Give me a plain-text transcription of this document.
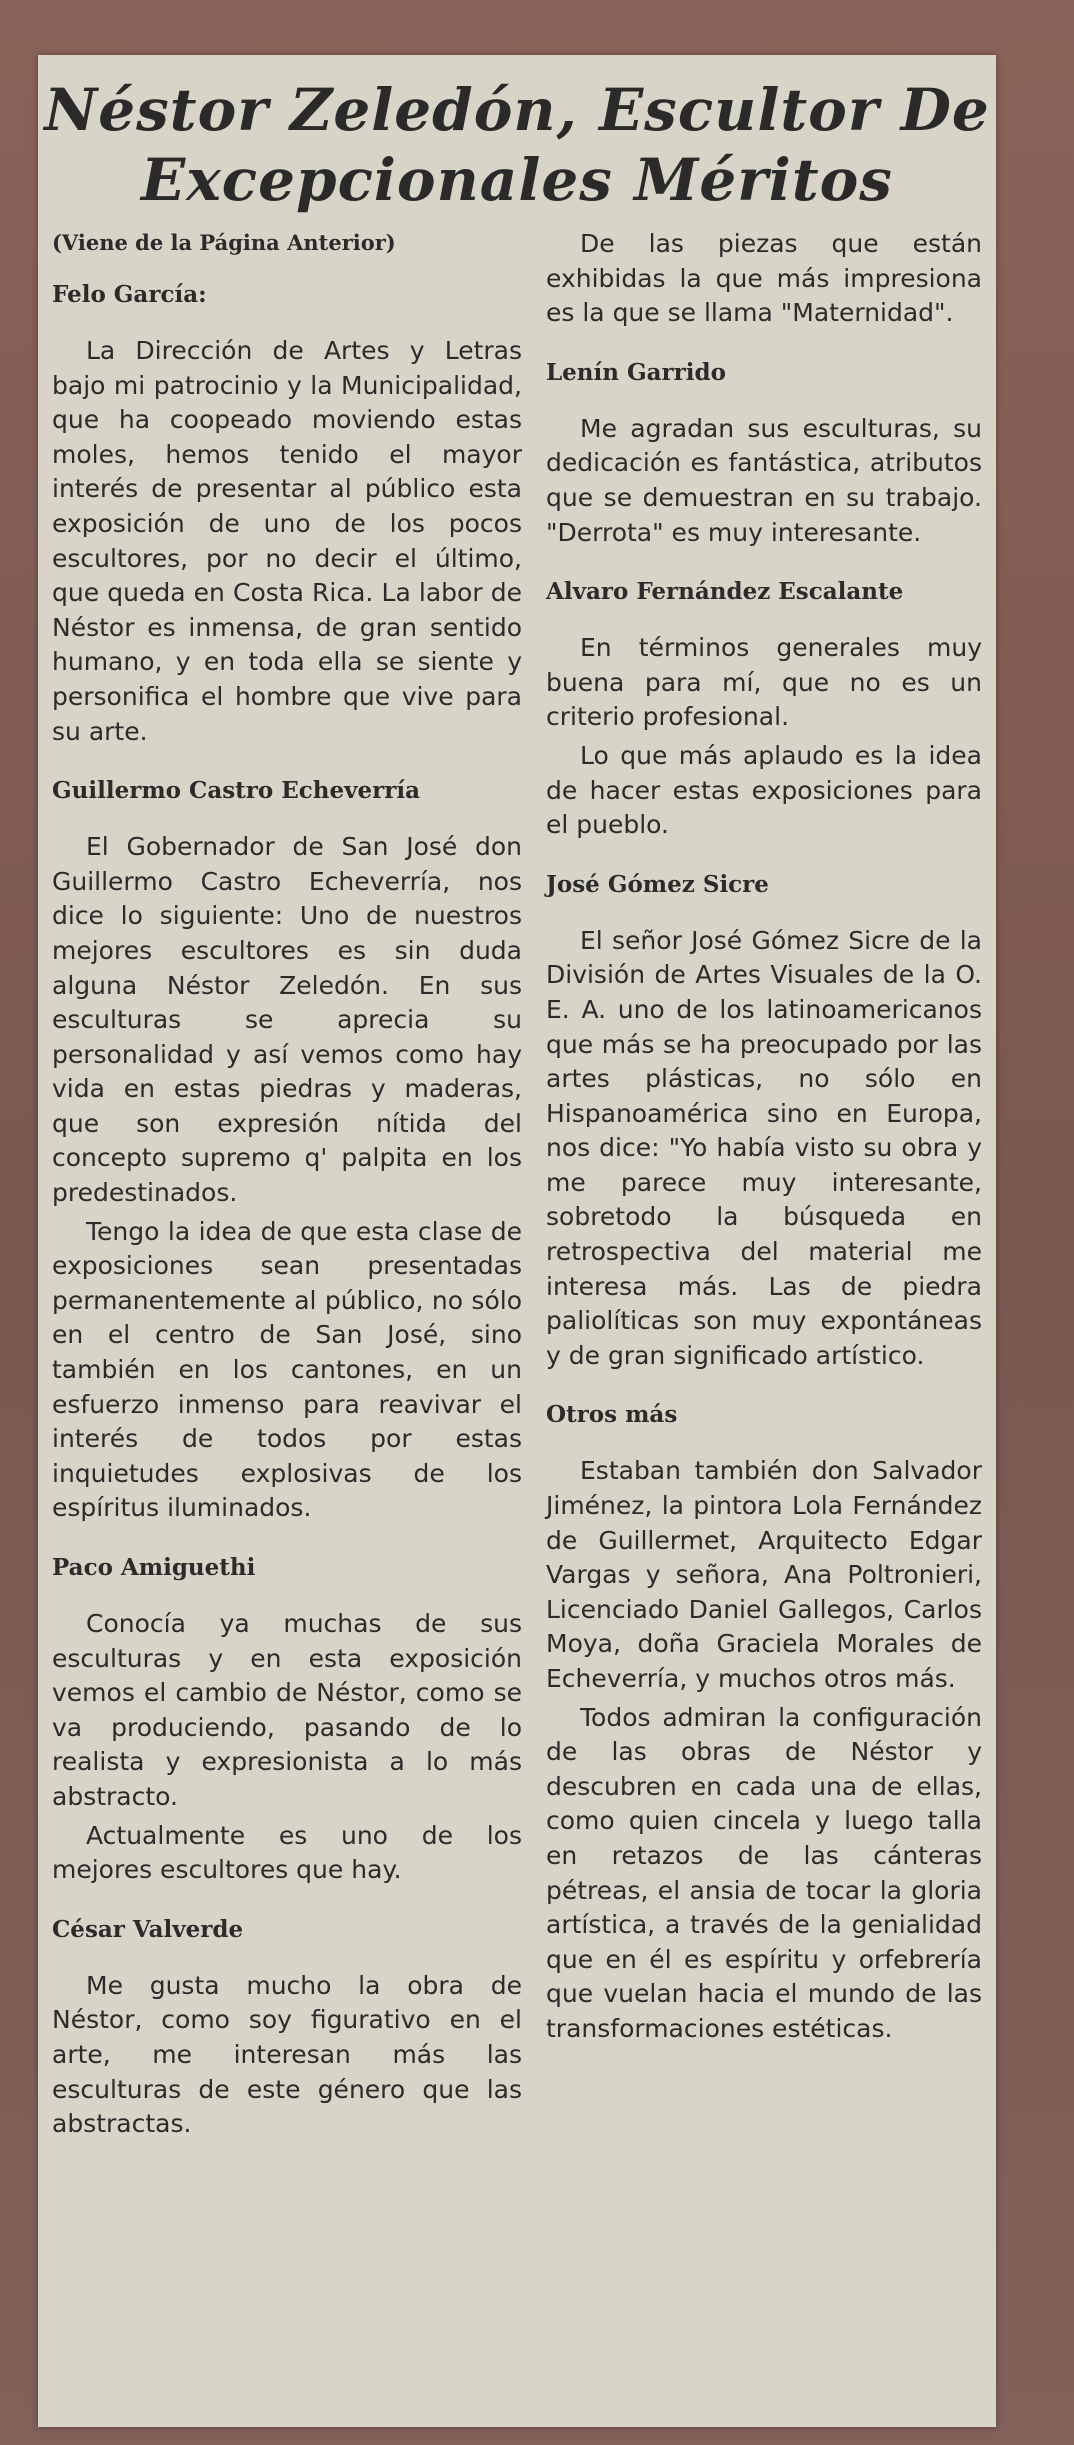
Néstor Zeledón, Escultor De
Excepcionales Méritos

(Viene de la Página Anterior)

Felo García:

La Dirección de Artes y Letras bajo mi patrocinio y la Municipalidad, que ha coopeado moviendo estas moles, hemos tenido el mayor interés de presentar al público esta exposición de uno de los pocos escultores, por no decir el último, que queda en Costa Rica. La labor de Néstor es inmensa, de gran sentido humano, y en toda ella se siente y personifica el hombre que vive para su arte.

Guillermo Castro Echeverría

El Gobernador de San José don Guillermo Castro Echeverría, nos dice lo siguiente: Uno de nuestros mejores escultores es sin duda alguna Néstor Zeledón. En sus esculturas se aprecia su personalidad y así vemos como hay vida en estas piedras y maderas, que son expresión nítida del concepto supremo q' palpita en los predestinados.

Tengo la idea de que esta clase de exposiciones sean presentadas permanentemente al público, no sólo en el centro de San José, sino también en los cantones, en un esfuerzo inmenso para reavivar el interés de todos por estas inquietudes explosivas de los espíritus iluminados.

Paco Amiguethi

Conocía ya muchas de sus esculturas y en esta exposición vemos el cambio de Néstor, como se va produciendo, pasando de lo realista y expresionista a lo más abstracto.

Actualmente es uno de los mejores escultores que hay.

César Valverde

Me gusta mucho la obra de Néstor, como soy figurativo en el arte, me interesan más las esculturas de este género que las abstractas.

De las piezas que están exhibidas la que más impresiona es la que se llama "Maternidad".

Lenín Garrido

Me agradan sus esculturas, su dedicación es fantástica, atributos que se demuestran en su trabajo. "Derrota" es muy interesante.

Alvaro Fernández Escalante

En términos generales muy buena para mí, que no es un criterio profesional.

Lo que más aplaudo es la idea de hacer estas exposiciones para el pueblo.

José Gómez Sicre

El señor José Gómez Sicre de la División de Artes Visuales de la O. E. A. uno de los latinoamericanos que más se ha preocupado por las artes plásticas, no sólo en Hispanoamérica sino en Europa, nos dice: "Yo había visto su obra y me parece muy interesante, sobretodo la búsqueda en retrospectiva del material me interesa más. Las de piedra paliolíticas son muy expontáneas y de gran significado artístico.

Otros más

Estaban también don Salvador Jiménez, la pintora Lola Fernández de Guillermet, Arquitecto Edgar Vargas y señora, Ana Poltronieri, Licenciado Daniel Gallegos, Carlos Moya, doña Graciela Morales de Echeverría, y muchos otros más.

Todos admiran la configuración de las obras de Néstor y descubren en cada una de ellas, como quien cincela y luego talla en retazos de las cánteras pétreas, el ansia de tocar la gloria artística, a través de la genialidad que en él es espíritu y orfebrería que vuelan hacia el mundo de las transformaciones estéticas.
